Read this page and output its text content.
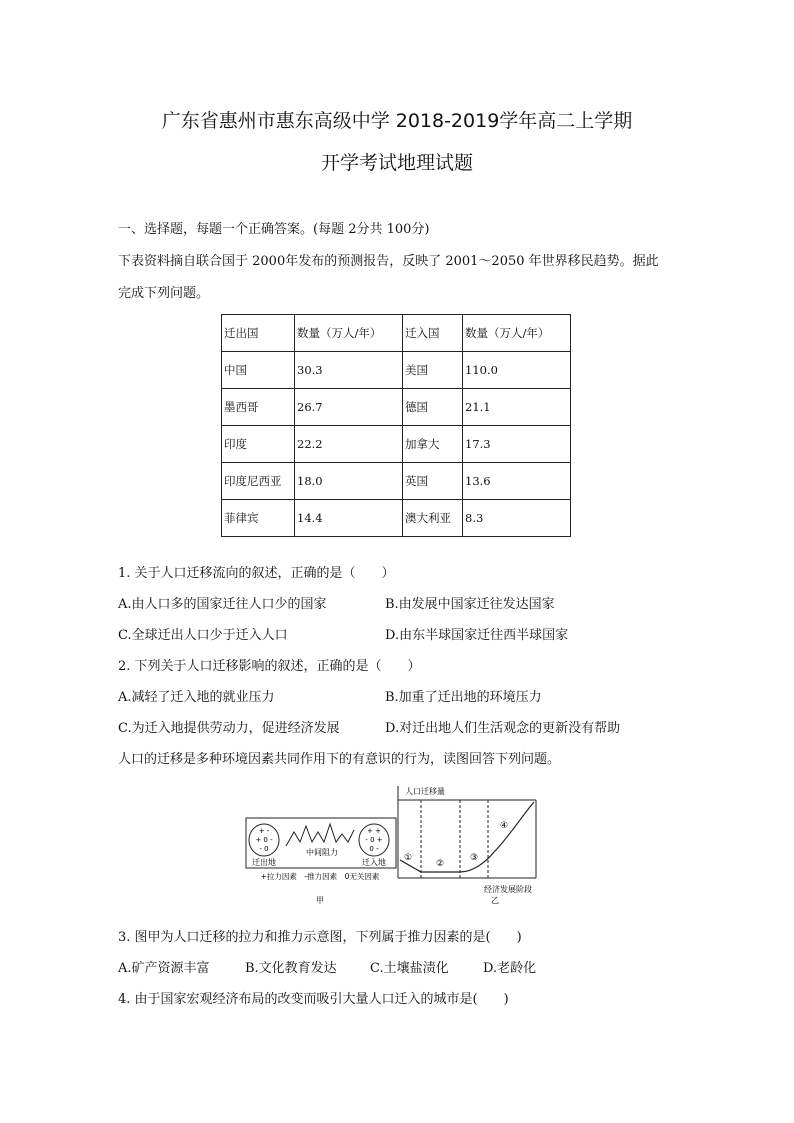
广东省惠州市惠东高级中学 2018-2019学年高二上学期
开学考试地理试题
一、选择题，每题一个正确答案。(每题 2分共 100分)
下表资料摘自联合国于 2000年发布的预测报告，反映了 2001～2050 年世界移民趋势。据此
完成下列问题。
迁出国	数量（万人/年）	迁入国	数量（万人/年）
中国	30.3	美国	110.0
墨西哥	26.7	德国	21.1
印度	22.2	加拿大	17.3
印度尼西亚	18.0	英国	13.6
菲律宾	14.4	澳大利亚	8.3
1. 关于人口迁移流向的叙述，正确的是（　　）
A.由人口多的国家迁往人口少的国家	B.由发展中国家迁往发达国家
C.全球迁出人口少于迁入人口	D.由东半球国家迁往西半球国家
2. 下列关于人口迁移影响的叙述，正确的是（　　）
A.减轻了迁入地的就业压力	B.加重了迁出地的环境压力
C.为迁入地提供劳动力，促进经济发展	D.对迁出地人们生活观念的更新没有帮助
人口的迁移是多种环境因素共同作用下的有意识的行为，读图回答下列问题。
+ -
+ 0 -
- 0
+ +
- 0 +
0 -
迁出地
中间阻力
迁入地
+拉力因素　-推力因素　0无关因素
甲
人口迁移量
①
②
③
④
经济发展阶段
乙
3. 图甲为人口迁移的拉力和推力示意图，下列属于推力因素的是(　　)
A.矿产资源丰富	B.文化教育发达	C.土壤盐渍化	D.老龄化
4. 由于国家宏观经济布局的改变而吸引大量人口迁入的城市是(　　)
